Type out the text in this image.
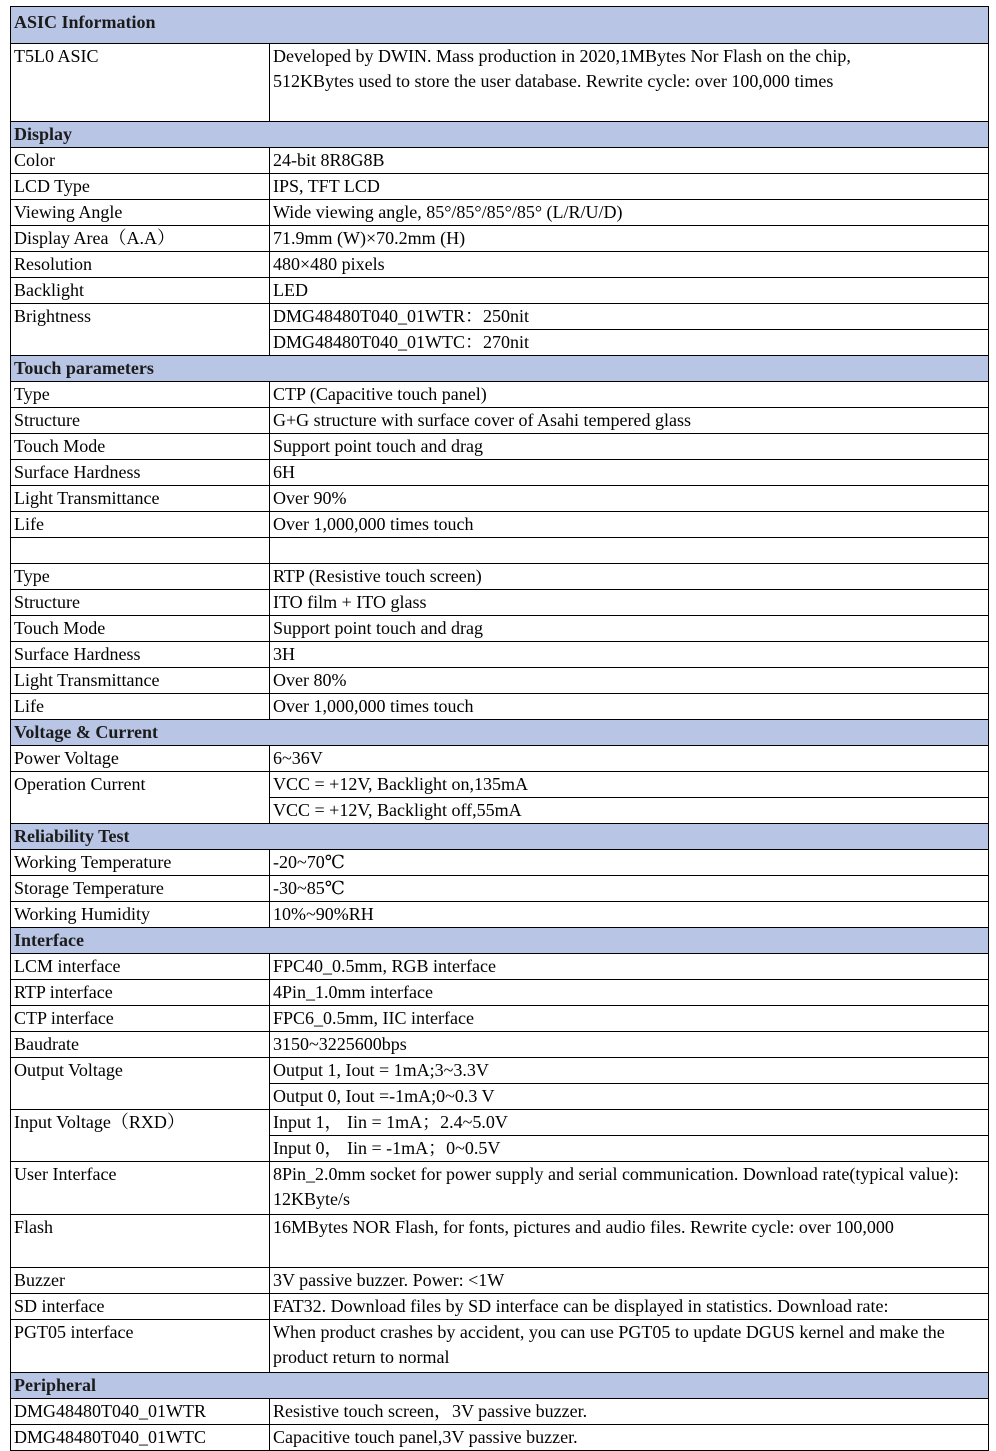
ASIC Information	
T5L0 ASIC	Developed by DWIN. Mass production in 2020,1MBytes Nor Flash on the chip, 512KBytes used to store the user database. Rewrite cycle: over 100,000 times

Display	
Color	24-bit 8R8G8B
LCD Type	IPS, TFT LCD
Viewing Angle	Wide viewing angle, 85°/85°/85°/85° (L/R/U/D)
Display Area（A.A）	71.9mm (W)×70.2mm (H)
Resolution	480×480 pixels
Backlight	LED
Brightness	DMG48480T040_01WTR：250nit
	DMG48480T040_01WTC：270nit
Touch parameters	
Type	CTP (Capacitive touch panel)
Structure	G+G structure with surface cover of Asahi tempered glass
Touch Mode	Support point touch and drag
Surface Hardness	6H
Light Transmittance	Over 90%
Life	Over 1,000,000 times touch

Type	RTP (Resistive touch screen)
Structure	ITO film + ITO glass
Touch Mode	Support point touch and drag
Surface Hardness	3H
Light Transmittance	Over 80%
Life	Over 1,000,000 times touch
Voltage & Current	
Power Voltage	6~36V
Operation Current	VCC = +12V, Backlight on,135mA
	VCC = +12V, Backlight off,55mA
Reliability Test	
Working Temperature	-20~70℃
Storage Temperature	-30~85℃
Working Humidity	10%~90%RH
Interface	
LCM interface	FPC40_0.5mm, RGB interface
RTP interface	4Pin_1.0mm interface
CTP interface	FPC6_0.5mm, IIC interface
Baudrate	3150~3225600bps
Output Voltage	Output 1, Iout = 1mA;3~3.3V
	Output 0, Iout =-1mA;0~0.3 V
Input Voltage（RXD）	Input 1， Iin = 1mA；2.4~5.0V
	Input 0， Iin = -1mA；0~0.5V
User Interface	8Pin_2.0mm socket for power supply and serial communication. Download rate(typical value): 12KByte/s
Flash	16MBytes NOR Flash, for fonts, pictures and audio files. Rewrite cycle: over 100,000
Buzzer	3V passive buzzer. Power: <1W
SD interface	FAT32. Download files by SD interface can be displayed in statistics. Download rate:
PGT05 interface	When product crashes by accident, you can use PGT05 to update DGUS kernel and make the product return to normal
Peripheral	
DMG48480T040_01WTR	Resistive touch screen，3V passive buzzer.
DMG48480T040_01WTC	Capacitive touch panel,3V passive buzzer.
